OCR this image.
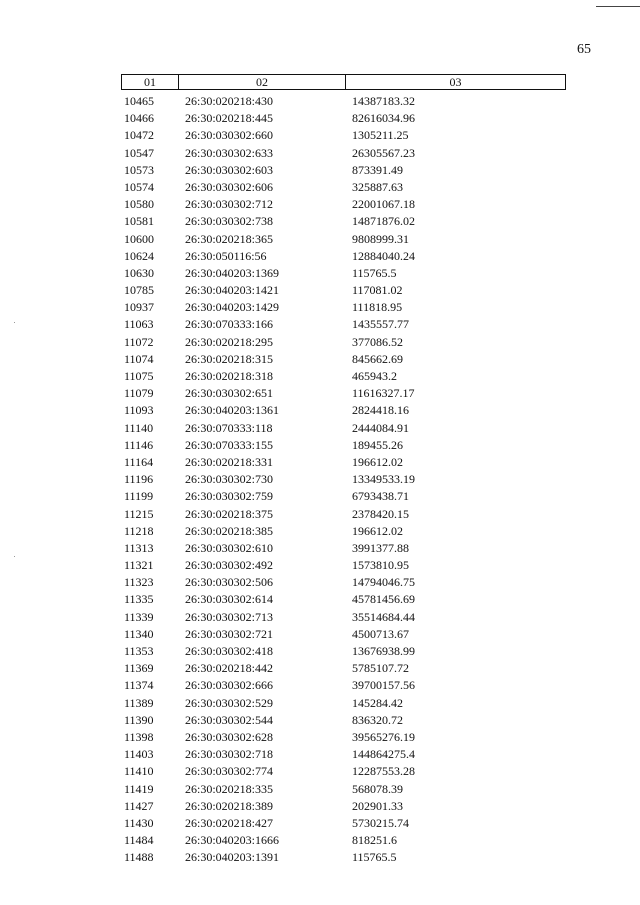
65
01	02	03
10465	26:30:020218:430	14387183.32
10466	26:30:020218:445	82616034.96
10472	26:30:030302:660	1305211.25
10547	26:30:030302:633	26305567.23
10573	26:30:030302:603	873391.49
10574	26:30:030302:606	325887.63
10580	26:30:030302:712	22001067.18
10581	26:30:030302:738	14871876.02
10600	26:30:020218:365	9808999.31
10624	26:30:050116:56	12884040.24
10630	26:30:040203:1369	115765.5
10785	26:30:040203:1421	117081.02
10937	26:30:040203:1429	111818.95
11063	26:30:070333:166	1435557.77
11072	26:30:020218:295	377086.52
11074	26:30:020218:315	845662.69
11075	26:30:020218:318	465943.2
11079	26:30:030302:651	11616327.17
11093	26:30:040203:1361	2824418.16
11140	26:30:070333:118	2444084.91
11146	26:30:070333:155	189455.26
11164	26:30:020218:331	196612.02
11196	26:30:030302:730	13349533.19
11199	26:30:030302:759	6793438.71
11215	26:30:020218:375	2378420.15
11218	26:30:020218:385	196612.02
11313	26:30:030302:610	3991377.88
11321	26:30:030302:492	1573810.95
11323	26:30:030302:506	14794046.75
11335	26:30:030302:614	45781456.69
11339	26:30:030302:713	35514684.44
11340	26:30:030302:721	4500713.67
11353	26:30:030302:418	13676938.99
11369	26:30:020218:442	5785107.72
11374	26:30:030302:666	39700157.56
11389	26:30:030302:529	145284.42
11390	26:30:030302:544	836320.72
11398	26:30:030302:628	39565276.19
11403	26:30:030302:718	144864275.4
11410	26:30:030302:774	12287553.28
11419	26:30:020218:335	568078.39
11427	26:30:020218:389	202901.33
11430	26:30:020218:427	5730215.74
11484	26:30:040203:1666	818251.6
11488	26:30:040203:1391	115765.5
